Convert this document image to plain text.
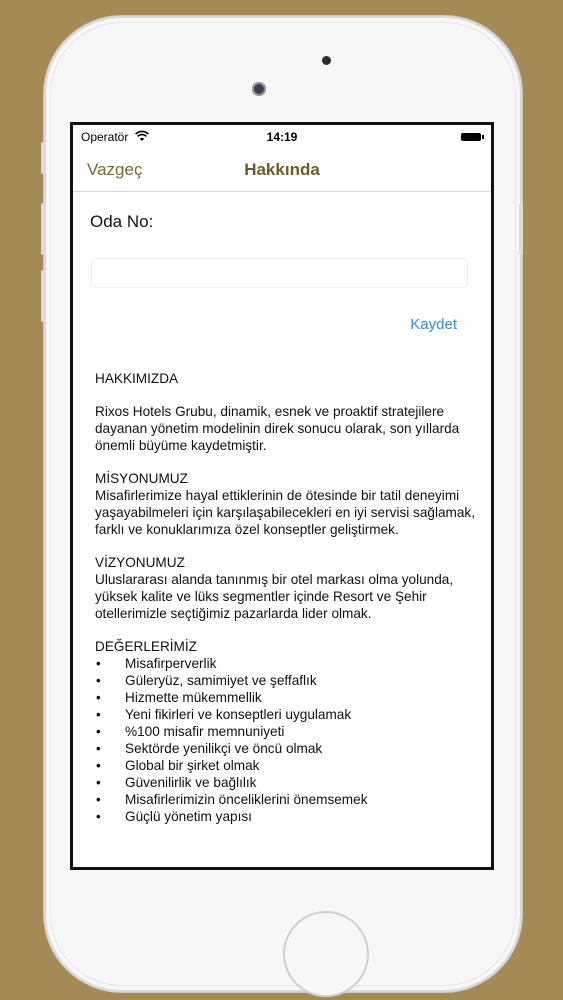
Operatör	14:19
Vazgeç	Hakkında
Oda No:
Kaydet

HAKKIMIZDA

Rixos Hotels Grubu, dinamik, esnek ve proaktif stratejilere dayanan yönetim modelinin direk sonucu olarak, son yıllarda önemli büyüme kaydetmiştir.

MİSYONUMUZ

Misafirlerimize hayal ettiklerinin de ötesinde bir tatil deneyimi yaşayabilmeleri için karşılaşabilecekleri en iyi servisi sağlamak, farklı ve konuklarımıza özel konseptler geliştirmek.

VİZYONUMUZ

Uluslararası alanda tanınmış bir otel markası olma yolunda, yüksek kalite ve lüks segmentler içinde Resort ve Şehir otellerimizle seçtiğimiz pazarlarda lider olmak.

DEĞERLERİMİZ
• Misafirperverlik
• Güleryüz, samimiyet ve şeffaflık
• Hizmette mükemmellik
• Yeni fikirleri ve konseptleri uygulamak
• %100 misafir memnuniyeti
• Sektörde yenilikçi ve öncü olmak
• Global bir şirket olmak
• Güvenilirlik ve bağlılık
• Misafirlerimizin önceliklerini önemsemek
• Güçlü yönetim yapısı
